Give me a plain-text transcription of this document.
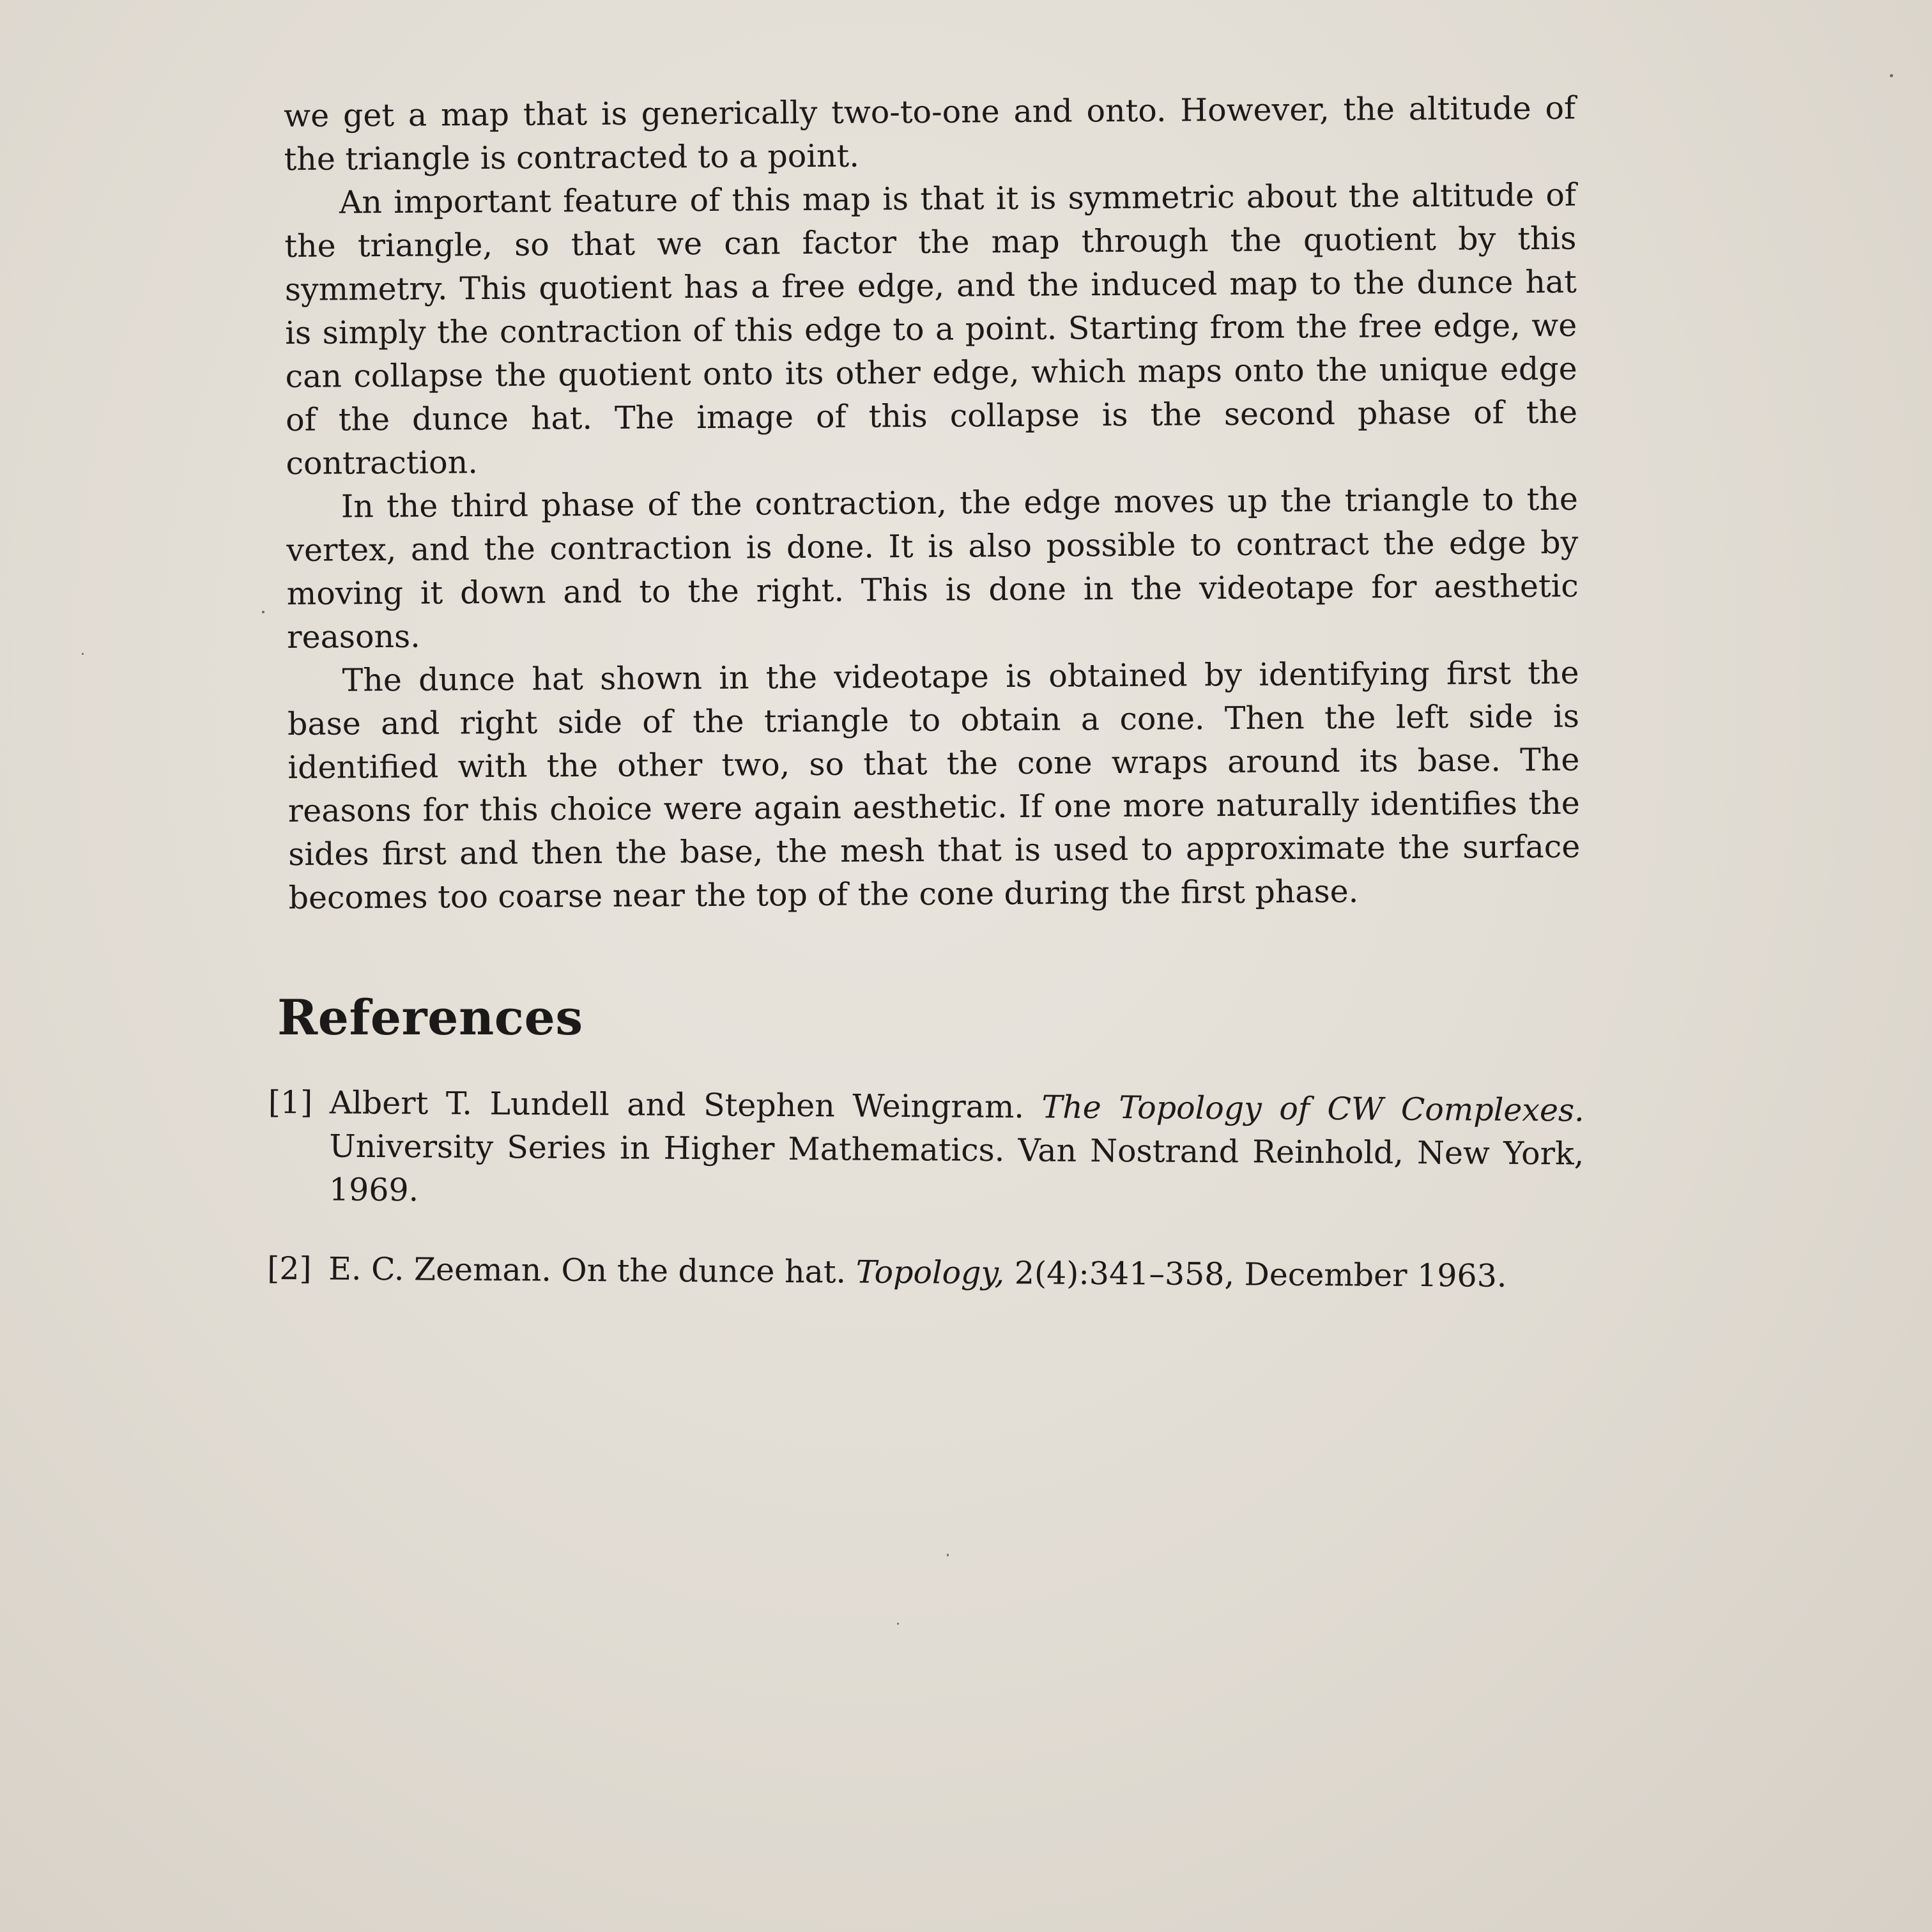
we get a map that is generically two-to-one and onto. However, the altitude of the triangle is contracted to a point.

An important feature of this map is that it is symmetric about the altitude of the triangle, so that we can factor the map through the quotient by this symmetry. This quotient has a free edge, and the induced map to the dunce hat is simply the contraction of this edge to a point. Starting from the free edge, we can collapse the quotient onto its other edge, which maps onto the unique edge of the dunce hat. The image of this collapse is the second phase of the contraction.

In the third phase of the contraction, the edge moves up the triangle to the vertex, and the contraction is done. It is also possible to contract the edge by moving it down and to the right. This is done in the videotape for aesthetic reasons.

The dunce hat shown in the videotape is obtained by identifying first the base and right side of the triangle to obtain a cone. Then the left side is identified with the other two, so that the cone wraps around its base. The reasons for this choice were again aesthetic. If one more naturally identifies the sides first and then the base, the mesh that is used to approximate the surface becomes too coarse near the top of the cone during the first phase.

References
[1] Albert T. Lundell and Stephen Weingram. The Topology of CW Complexes. University Series in Higher Mathematics. Van Nostrand Reinhold, New York, 1969.
[2] E. C. Zeeman. On the dunce hat. Topology, 2(4):341–358, December 1963.
